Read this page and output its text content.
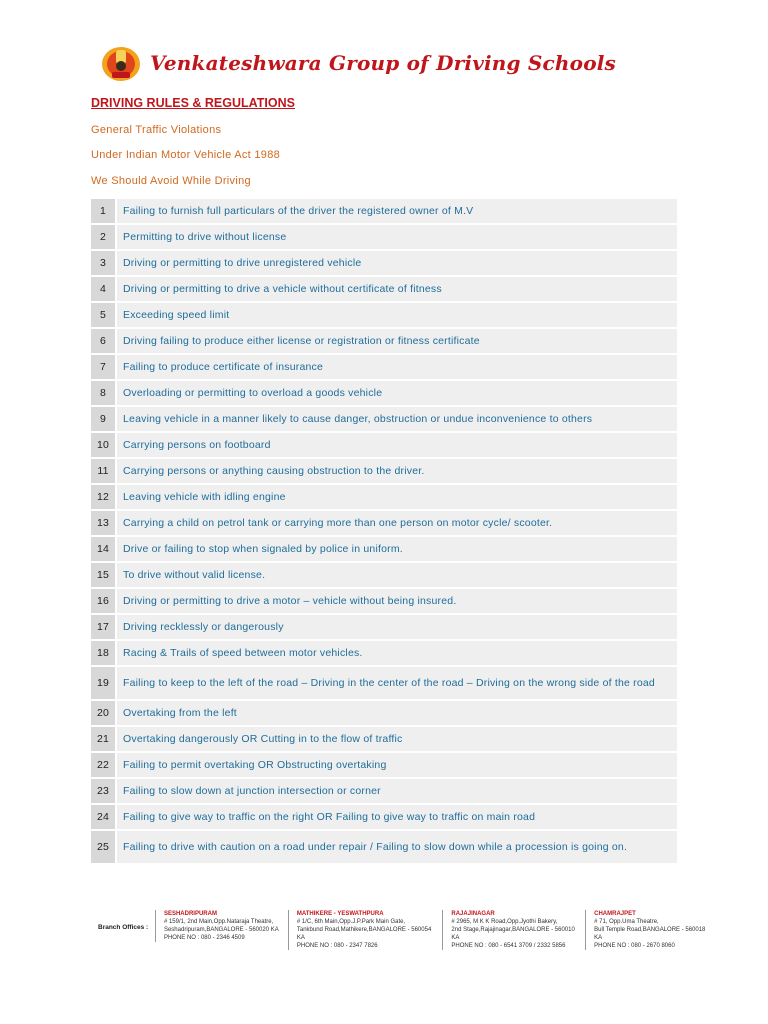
Venkateshwara Group of Driving Schools
DRIVING RULES & REGULATIONS

General Traffic Violations

Under Indian Motor Vehicle Act 1988

We Should Avoid While Driving

1	Failing to furnish full particulars of the driver the registered owner of M.V
2	Permitting to drive without license
3	Driving or permitting to drive unregistered vehicle
4	Driving or permitting to drive a vehicle without certificate of fitness
5	Exceeding speed limit
6	Driving failing to produce either license or registration or fitness certificate
7	Failing to produce certificate of insurance
8	Overloading or permitting to overload a goods vehicle
9	Leaving vehicle in a manner likely to cause danger, obstruction or undue inconvenience to others
10	Carrying persons on footboard
11	Carrying persons or anything causing obstruction to the driver.
12	Leaving vehicle with idling engine
13	Carrying a child on petrol tank or carrying more than one person on motor cycle/ scooter.
14	Drive or failing to stop when signaled by police in uniform.
15	To drive without valid license.
16	Driving or permitting to drive a motor – vehicle without being insured.
17	Driving recklessly or dangerously
18	Racing & Trails of speed between motor vehicles.
19	Failing to keep to the left of the road – Driving in the center of the road – Driving on the wrong side of the road
20	Overtaking from the left
21	Overtaking dangerously OR Cutting in to the flow of traffic
22	Failing to permit overtaking OR Obstructing overtaking
23	Failing to slow down at junction intersection or corner
24	Failing to give way to traffic on the right OR Failing to give way to traffic on main road
25	Failing to drive with caution on a road under repair / Failing to slow down while a procession is going on.
Branch Offices :
SESHADRIPURAM
# 159/1, 2nd Main,Opp.Nataraja Theatre,
Seshadripuram,BANGALORE - 560020 KA
PHONE NO : 080 - 2346 4509
MATHIKERE - YESWATHPURA
# 1/C, 6th Main,Opp.J.P.Park Main Gate,
Tankbund Road,Mathikere,BANGALORE - 560054 KA
PHONE NO : 080 - 2347 7826
RAJAJINAGAR
# 2965, M K K Road,Opp.Jyothi Bakery,
2nd Stage,Rajajinagar,BANGALORE - 560010 KA
PHONE NO : 080 - 6541 3709 / 2332 5856
CHAMRAJPET
# 71, Opp.Uma Theatre,
Bull Temple Road,BANGALORE - 560018 KA
PHONE NO : 080 - 2670 8060
